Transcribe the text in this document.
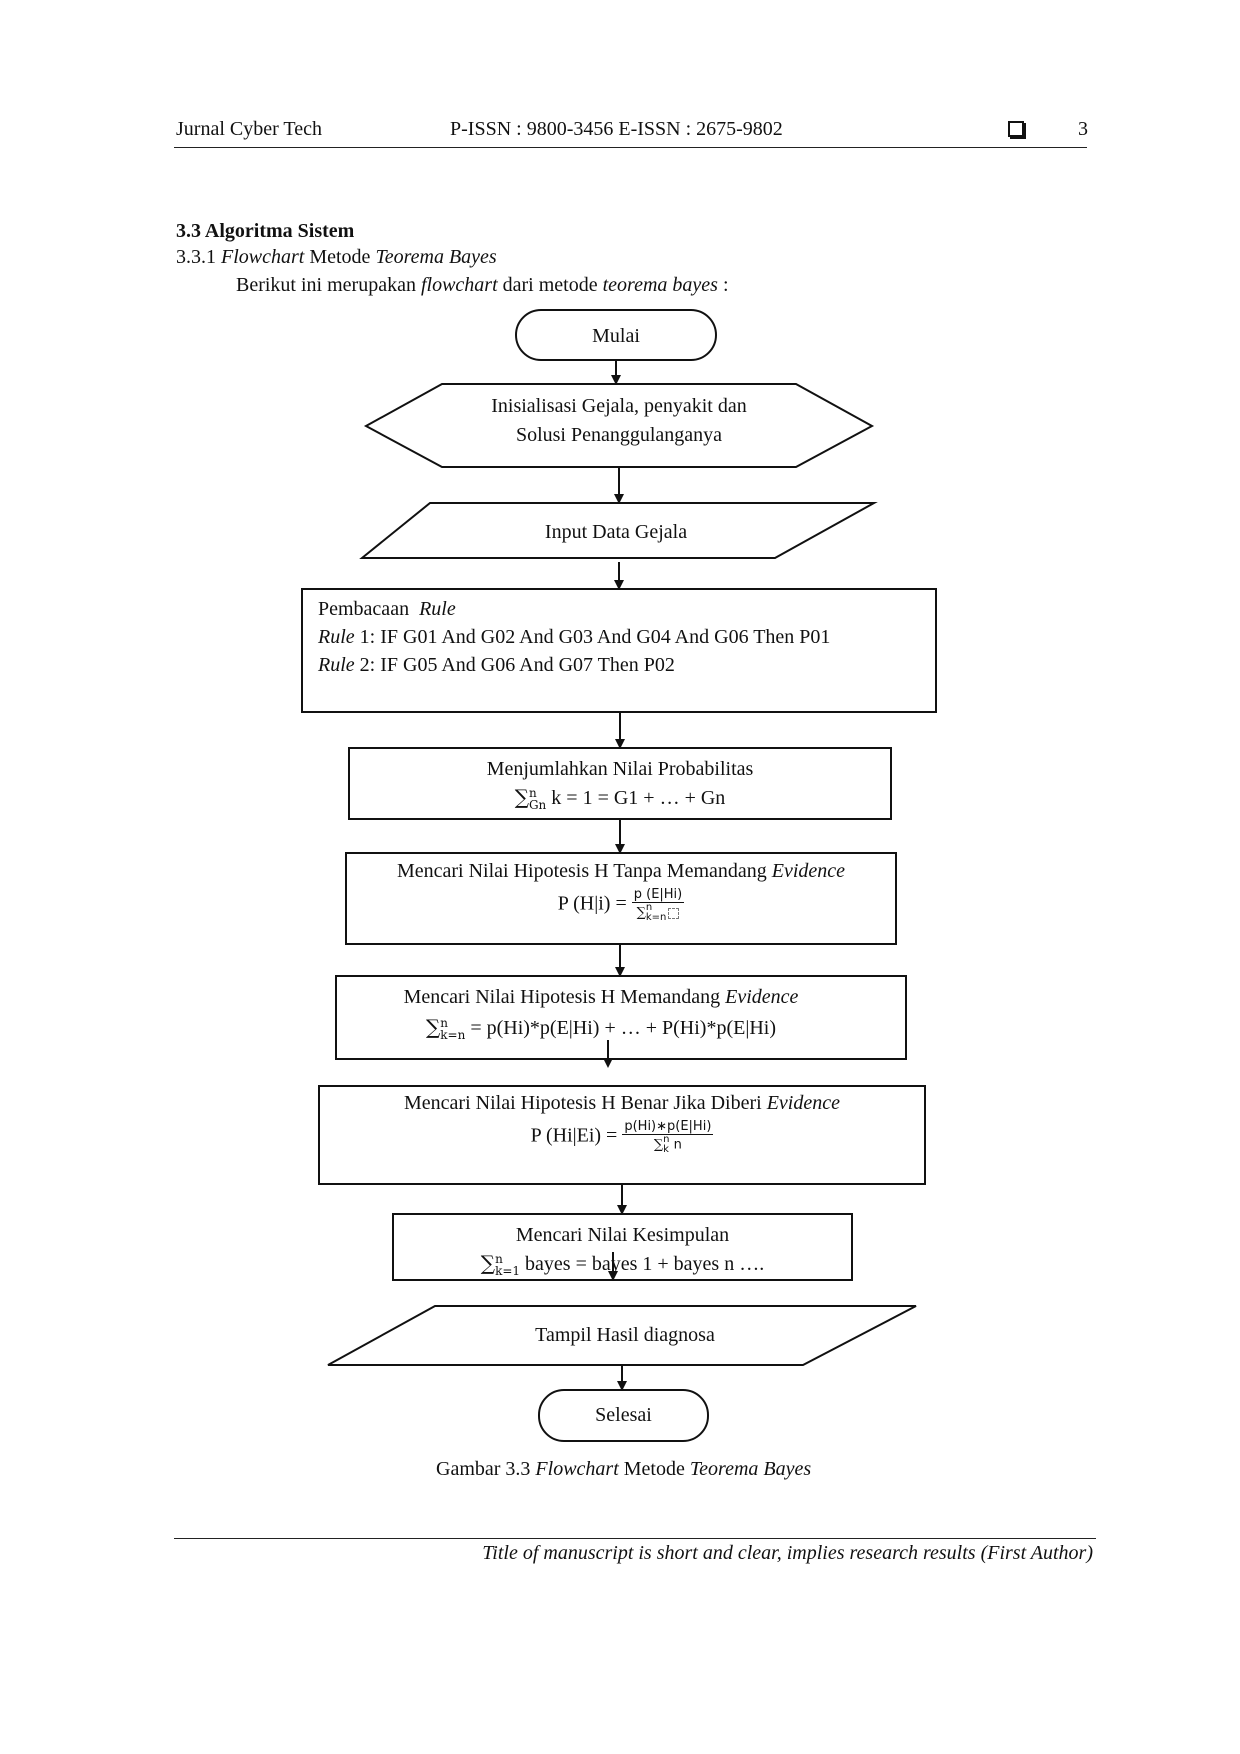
Jurnal Cyber Tech	P-ISSN : 9800-3456 E-ISSN : 2675-9802	3
3.3 Algoritma Sistem
3.3.1 Flowchart Metode Teorema Bayes
Berikut ini merupakan flowchart dari metode teorema bayes :
Mulai
Inisialisasi Gejala, penyakit dan
Solusi Penanggulanganya
Input Data Gejala
Pembacaan Rule
Rule 1: IF G01 And G02 And G03 And G04 And G06 Then P01
Rule 2: IF G05 And G06 And G07 Then P02
Menjumlahkan Nilai Probabilitas
∑ n
Gn k = 1 = G1 + … + Gn
Mencari Nilai Hipotesis H Tanpa Memandang Evidence
P (H|i) = p (E|Hi)
∑ n
k=n
Mencari Nilai Hipotesis H Memandang Evidence
∑ n
k=n = p(Hi)*p(E|Hi) + … + P(Hi)*p(E|Hi)
Mencari Nilai Hipotesis H Benar Jika Diberi Evidence
P (Hi|Ei) = p(Hi)∗p(E|Hi)
∑ n
k n
Mencari Nilai Kesimpulan
∑ n
k=1 bayes = bayes 1 + bayes n ….
Tampil Hasil diagnosa
Selesai
Gambar 3.3 Flowchart Metode Teorema Bayes
Title of manuscript is short and clear, implies research results (First Author)
